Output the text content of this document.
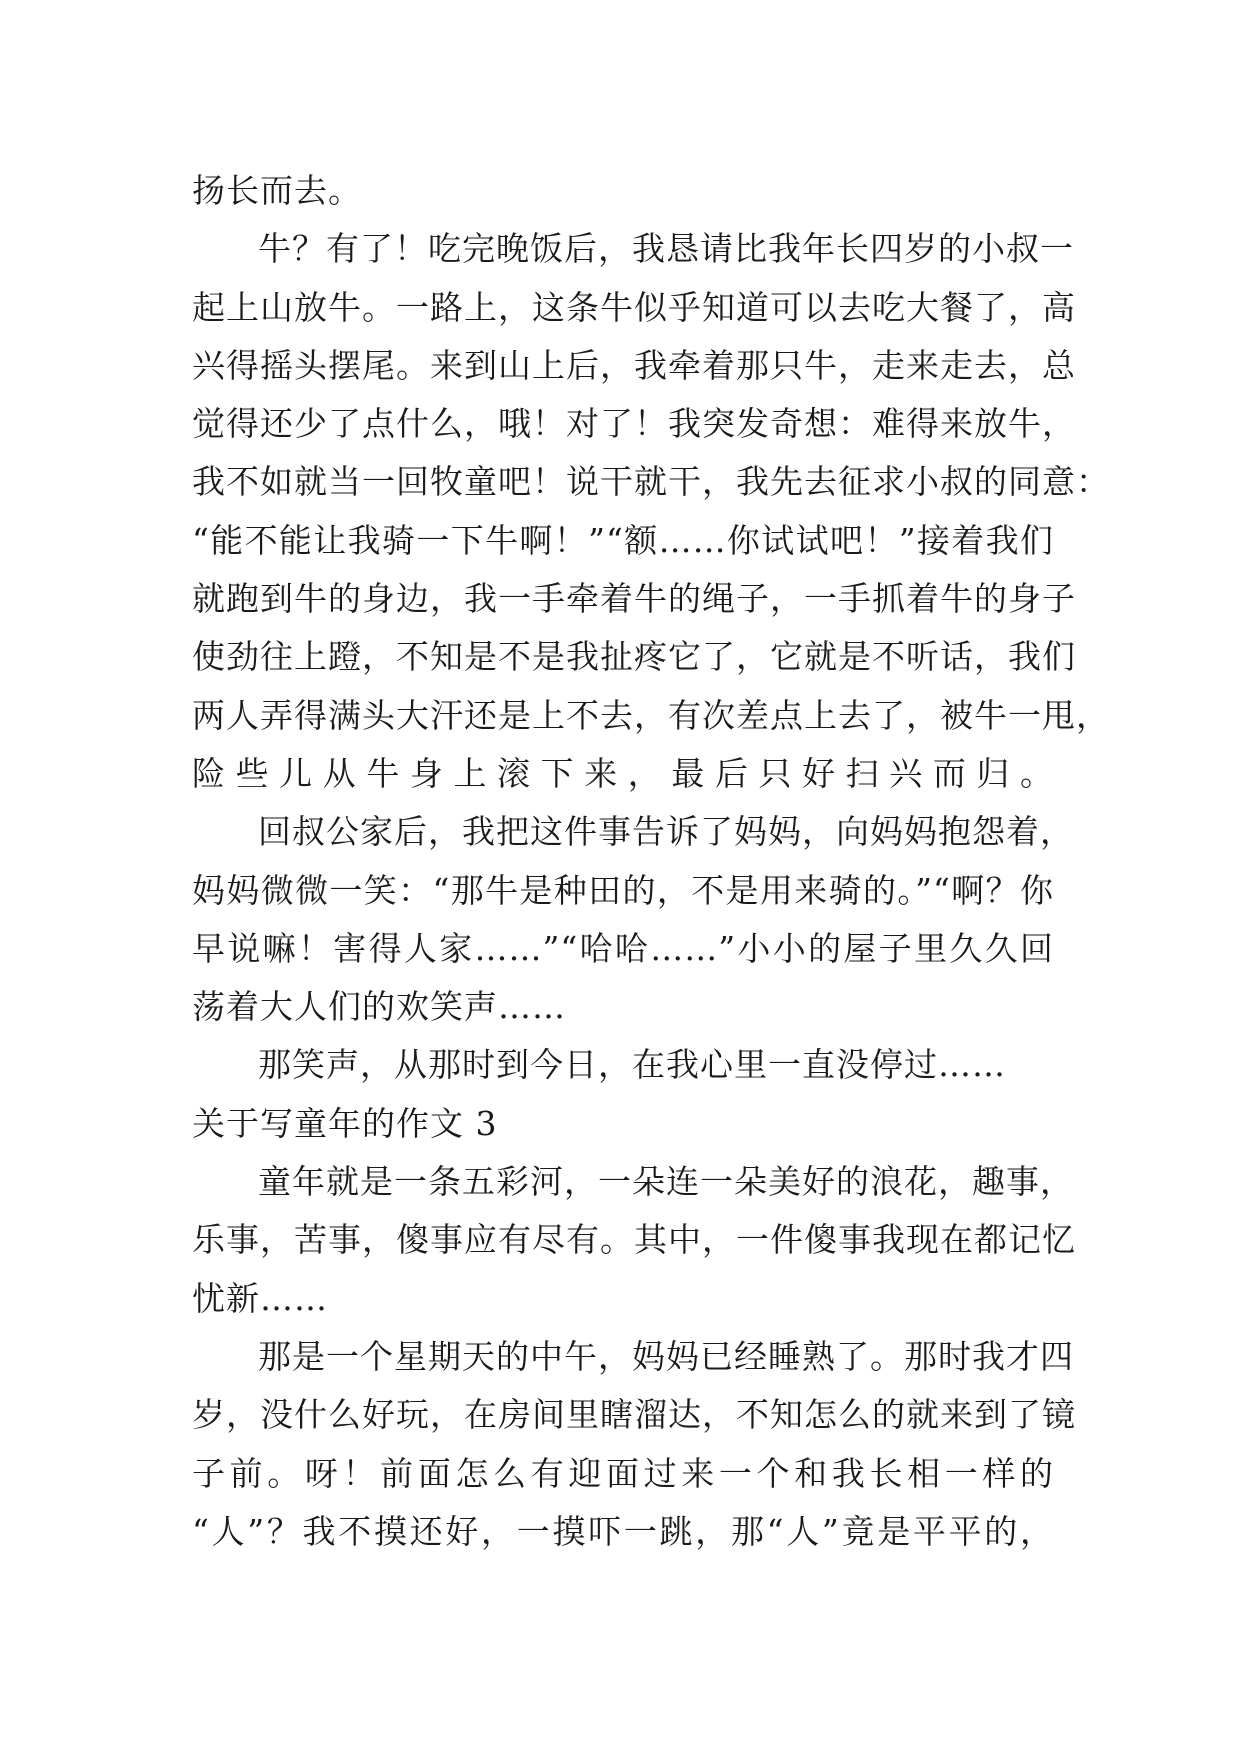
扬长而去。
牛？有了！吃完晚饭后，我恳请比我年长四岁的小叔一
起上山放牛。一路上，这条牛似乎知道可以去吃大餐了，高
兴得摇头摆尾。来到山上后，我牵着那只牛，走来走去，总
觉得还少了点什么，哦！对了！我突发奇想：难得来放牛，
我不如就当一回牧童吧！说干就干，我先去征求小叔的同意：
“能不能让我骑一下牛啊！”“额……你试试吧！”接着我们
就跑到牛的身边，我一手牵着牛的绳子，一手抓着牛的身子
使劲往上蹬，不知是不是我扯疼它了，它就是不听话，我们
两人弄得满头大汗还是上不去，有次差点上去了，被牛一甩，
险些儿从牛身上滚下来，最后只好扫兴而归。
回叔公家后，我把这件事告诉了妈妈，向妈妈抱怨着，
妈妈微微一笑：“那牛是种田的，不是用来骑的。”“啊？你
早说嘛！害得人家……”“哈哈……”小小的屋子里久久回
荡着大人们的欢笑声……
那笑声，从那时到今日，在我心里一直没停过……
关于写童年的作文 3
童年就是一条五彩河，一朵连一朵美好的浪花，趣事，
乐事，苦事，傻事应有尽有。其中，一件傻事我现在都记忆
忧新……
那是一个星期天的中午，妈妈已经睡熟了。那时我才四
岁，没什么好玩，在房间里瞎溜达，不知怎么的就来到了镜
子前。呀！前面怎么有迎面过来一个和我长相一样的
“人”？我不摸还好，一摸吓一跳，那“人”竟是平平的，
